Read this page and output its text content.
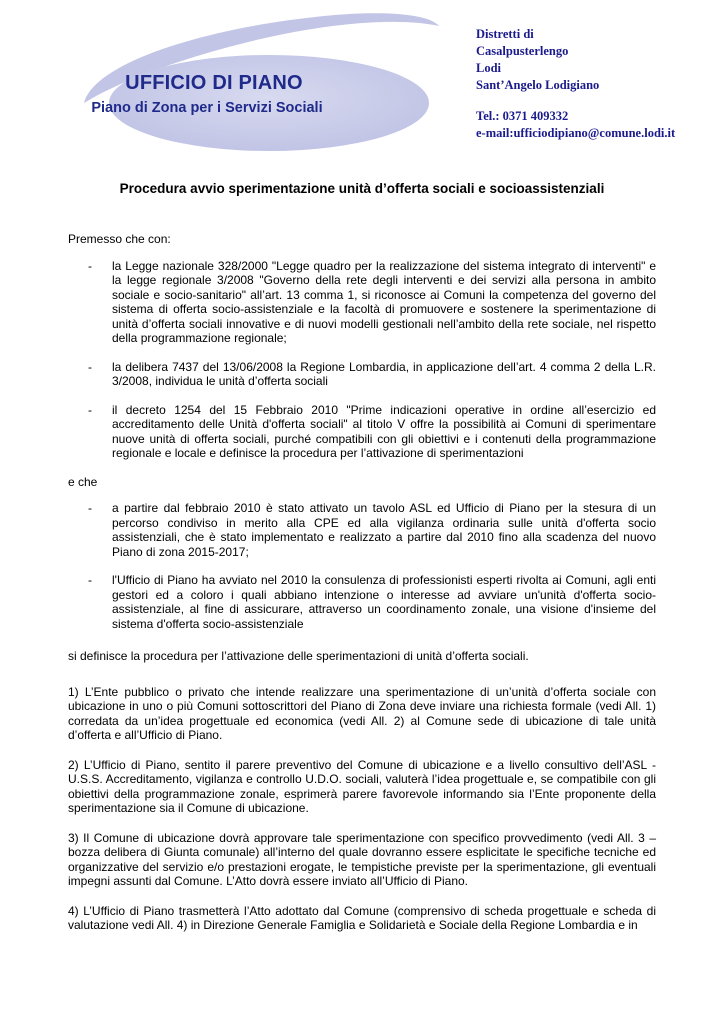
UFFICIO DI PIANO
Piano di Zona per i Servizi Sociali
Distretti di
Casalpusterlengo
Lodi
Sant’Angelo Lodigiano
Tel.: 0371 409332
e-mail:ufficiodipiano@comune.lodi.it
Procedura avvio sperimentazione unità d’offerta sociali e socioassistenziali

Premesso che con:

- la Legge nazionale 328/2000 "Legge quadro per la realizzazione del sistema integrato di interventi" e la legge regionale 3/2008 "Governo della rete degli interventi e dei servizi alla persona in ambito sociale e socio-sanitario" all’art. 13 comma 1, si riconosce ai Comuni la competenza del governo del sistema di offerta socio-assistenziale e la facoltà di promuovere e sostenere la sperimentazione di unità d’offerta sociali innovative e di nuovi modelli gestionali nell’ambito della rete sociale, nel rispetto della programmazione regionale;
- la delibera 7437 del 13/06/2008 la Regione Lombardia, in applicazione dell’art. 4 comma 2 della L.R. 3/2008, individua le unità d’offerta sociali
- il decreto 1254 del 15 Febbraio 2010 "Prime indicazioni operative in ordine all’esercizio ed accreditamento delle Unità d'offerta sociali" al titolo V offre la possibilità ai Comuni di sperimentare nuove unità di offerta sociali, purché compatibili con gli obiettivi e i contenuti della programmazione regionale e locale e definisce la procedura per l’attivazione di sperimentazioni

e che

- a partire dal febbraio 2010 è stato attivato un tavolo ASL ed Ufficio di Piano per la stesura di un percorso condiviso in merito alla CPE ed alla vigilanza ordinaria sulle unità d'offerta socio assistenziali, che è stato implementato e realizzato a partire dal 2010 fino alla scadenza del nuovo Piano di zona 2015-2017;
- l'Ufficio di Piano ha avviato nel 2010 la consulenza di professionisti esperti rivolta ai Comuni, agli enti gestori ed a coloro i quali abbiano intenzione o interesse ad avviare un'unità d'offerta socio-assistenziale, al fine di assicurare, attraverso un coordinamento zonale, una visione d'insieme del sistema d'offerta socio-assistenziale

si definisce la procedura per l’attivazione delle sperimentazioni di unità d’offerta sociali.

1) L’Ente pubblico o privato che intende realizzare una sperimentazione di un’unità d’offerta sociale con ubicazione in uno o più Comuni sottoscrittori del Piano di Zona deve inviare una richiesta formale (vedi All. 1) corredata da un’idea progettuale ed economica (vedi All. 2) al Comune sede di ubicazione di tale unità d’offerta e all’Ufficio di Piano.

2) L’Ufficio di Piano, sentito il parere preventivo del Comune di ubicazione e a livello consultivo dell’ASL - U.S.S. Accreditamento, vigilanza e controllo U.D.O. sociali, valuterà l’idea progettuale e, se compatibile con gli obiettivi della programmazione zonale, esprimerà parere favorevole informando sia l’Ente proponente della sperimentazione sia il Comune di ubicazione.

3) Il Comune di ubicazione dovrà approvare tale sperimentazione con specifico provvedimento (vedi All. 3 – bozza delibera di Giunta comunale) all’interno del quale dovranno essere esplicitate le specifiche tecniche ed organizzative del servizio e/o prestazioni erogate, le tempistiche previste per la sperimentazione, gli eventuali impegni assunti dal Comune. L’Atto dovrà essere inviato all’Ufficio di Piano.

4) L’Ufficio di Piano trasmetterà l’Atto adottato dal Comune (comprensivo di scheda progettuale e scheda di valutazione vedi All. 4) in Direzione Generale Famiglia e Solidarietà e Sociale della Regione Lombardia e in
